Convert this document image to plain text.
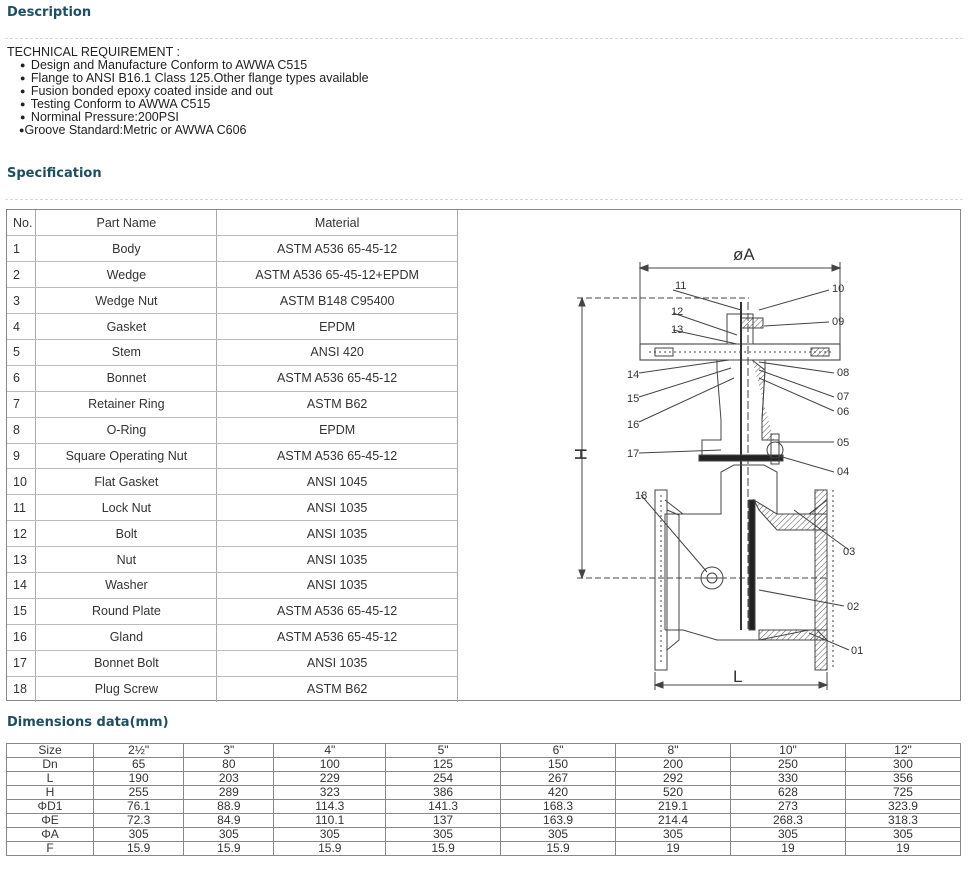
Description
TECHNICAL REQUIREMENT :
● Design and Manufacture Conform to AWWA C515
● Flange to ANSI B16.1 Class 125.Other flange types available
● Fusion bonded epoxy coated inside and out
● Testing Conform to AWWA C515
● Norminal Pressure:200PSI
●Groove Standard:Metric or AWWA C606
Specification
No.	Part Name	Material
1	Body	ASTM A536 65-45-12
2	Wedge	ASTM A536 65-45-12+EPDM
3	Wedge Nut	ASTM B148 C95400
4	Gasket	EPDM
5	Stem	ANSI 420
6	Bonnet	ASTM A536 65-45-12
7	Retainer Ring	ASTM B62
8	O-Ring	EPDM
9	Square Operating Nut	ASTM A536 65-45-12
10	Flat Gasket	ANSI 1045
11	Lock Nut	ANSI 1035
12	Bolt	ANSI 1035
13	Nut	ANSI 1035
14	Washer	ANSI 1035
15	Round Plate	ASTM A536 65-45-12
16	Gland	ASTM A536 65-45-12
17	Bonnet Bolt	ANSI 1035
18	Plug Screw	ASTM B62
øA
H
L
11
12
13
14
15
16
17
18
10
09
08
07
06
05
04
03
02
01
Dimensions data(mm)
Size	2½"	3"	4"	5"	6"	8"	10"	12"
Dn	65	80	100	125	150	200	250	300
L	190	203	229	254	267	292	330	356
H	255	289	323	386	420	520	628	725
ΦD1	76.1	88.9	114.3	141.3	168.3	219.1	273	323.9
ΦE	72.3	84.9	110.1	137	163.9	214.4	268.3	318.3
ΦA	305	305	305	305	305	305	305	305
F	15.9	15.9	15.9	15.9	15.9	19	19	19
